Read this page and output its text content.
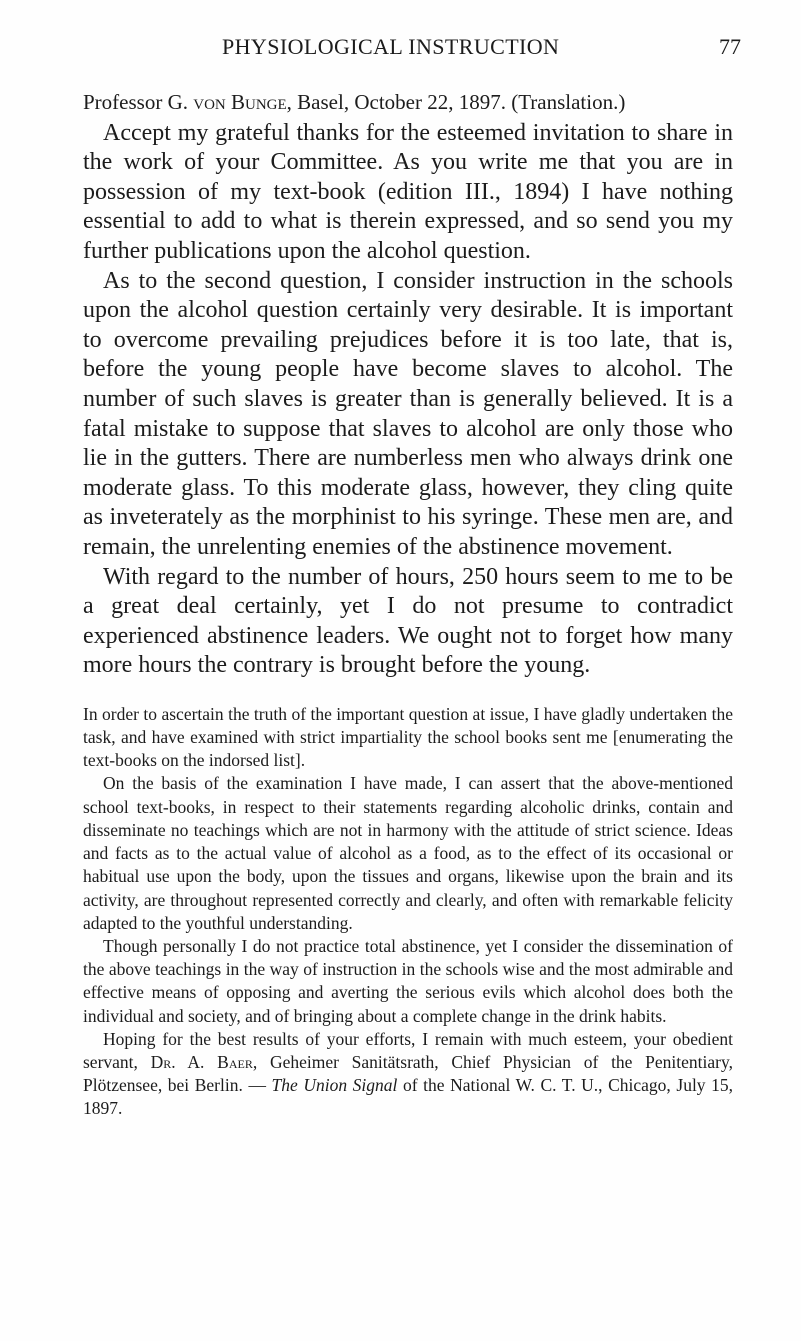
PHYSIOLOGICAL INSTRUCTION	77

Professor G. von Bunge, Basel, October 22, 1897. (Translation.)

Accept my grateful thanks for the esteemed invitation to share in the work of your Committee. As you write me that you are in possession of my text-book (edition III., 1894) I have nothing essential to add to what is therein expressed, and so send you my further publications upon the alcohol question.

As to the second question, I consider instruction in the schools upon the alcohol question certainly very desirable. It is important to overcome prevailing prejudices before it is too late, that is, before the young people have become slaves to alcohol. The number of such slaves is greater than is generally believed. It is a fatal mistake to suppose that slaves to alcohol are only those who lie in the gutters. There are numberless men who always drink one moderate glass. To this moderate glass, however, they cling quite as inveterately as the morphinist to his syringe. These men are, and remain, the unrelenting enemies of the abstinence movement.

With regard to the number of hours, 250 hours seem to me to be a great deal certainly, yet I do not presume to contradict experienced abstinence leaders. We ought not to forget how many more hours the contrary is brought before the young.

In order to ascertain the truth of the important question at issue, I have gladly undertaken the task, and have examined with strict impartiality the school books sent me [enumerating the text-books on the indorsed list].

On the basis of the examination I have made, I can assert that the above-mentioned school text-books, in respect to their statements regarding alcoholic drinks, contain and disseminate no teachings which are not in harmony with the attitude of strict science. Ideas and facts as to the actual value of alcohol as a food, as to the effect of its occasional or habitual use upon the body, upon the tissues and organs, likewise upon the brain and its activity, are throughout represented correctly and clearly, and often with remarkable felicity adapted to the youthful understanding.

Though personally I do not practice total abstinence, yet I consider the dissemination of the above teachings in the way of instruction in the schools wise and the most admirable and effective means of opposing and averting the serious evils which alcohol does both the individual and society, and of bringing about a complete change in the drink habits.

Hoping for the best results of your efforts, I remain with much esteem, your obedient servant, Dr. A. Baer, Geheimer Sanitätsrath, Chief Physician of the Penitentiary, Plötzensee, bei Berlin. — The Union Signal of the National W. C. T. U., Chicago, July 15, 1897.
